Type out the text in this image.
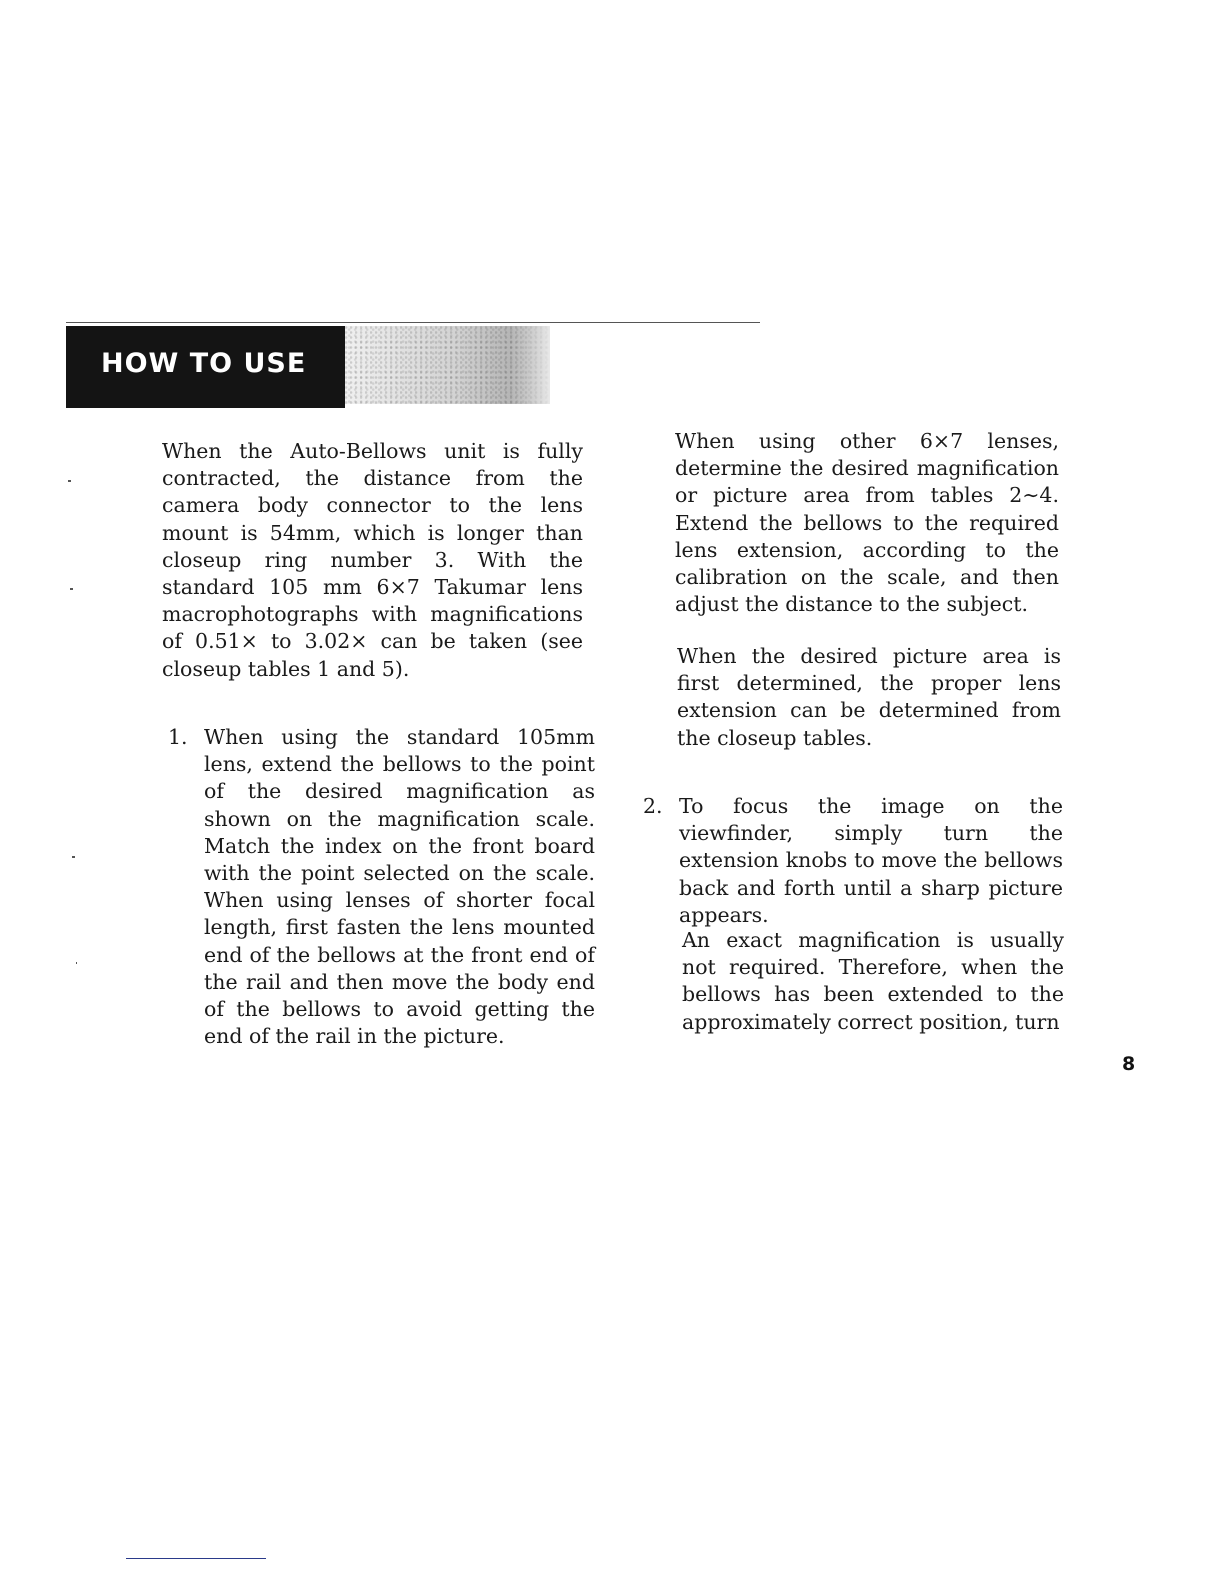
HOW TO USE

When the Auto-Bellows unit is fully contracted, the distance from the camera body connector to the lens mount is 54mm, which is longer than closeup ring number 3. With the standard 105 mm 6×7 Takumar lens macrophotographs with magnifications of 0.51× to 3.02× can be taken (see closeup tables 1 and 5).

1. When using the standard 105mm lens, extend the bellows to the point of the desired magnification as shown on the magnification scale. Match the index on the front board with the point selected on the scale. When using lenses of shorter focal length, first fasten the lens mounted end of the bellows at the front end of the rail and then move the body end of the bellows to avoid getting the end of the rail in the picture.

When using other 6×7 lenses, determine the desired magnification or picture area from tables 2∼4. Extend the bellows to the required lens extension, according to the calibration on the scale, and then adjust the distance to the subject.

When the desired picture area is first determined, the proper lens extension can be determined from the closeup tables.

2. To focus the image on the viewfinder, simply turn the extension knobs to move the bellows back and forth until a sharp picture appears.

An exact magnification is usually not required. Therefore, when the bellows has been extended to the approximately correct position, turn

8
